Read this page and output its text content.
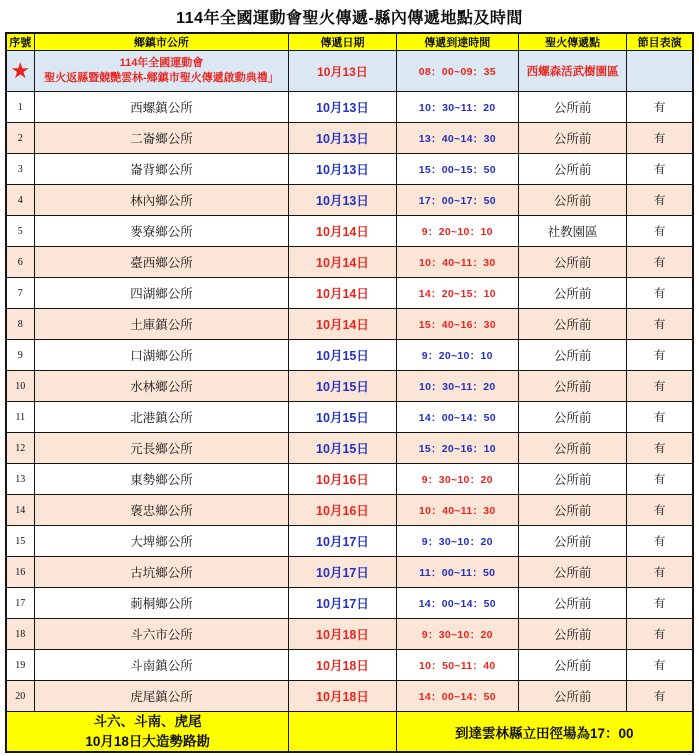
114年全國運動會聖火傳遞-縣內傳遞地點及時間
序號	鄉鎮市公所	傳遞日期	傳遞到達時間	聖火傳遞點	節目表演
★	114年全國運動會
聖火返縣暨競艷雲林-鄉鎮市聖火傳遞啟動典禮」	10月13日	08：00~09：35	西螺森活武樹園區	
1	西螺鎮公所	10月13日	10：30~11：20	公所前	有
2	二崙鄉公所	10月13日	13：40~14：30	公所前	有
3	崙背鄉公所	10月13日	15：00~15：50	公所前	有
4	林內鄉公所	10月13日	17：00~17：50	公所前	有
5	麥寮鄉公所	10月14日	9：20~10：10	社教園區	有
6	臺西鄉公所	10月14日	10：40~11：30	公所前	有
7	四湖鄉公所	10月14日	14：20~15：10	公所前	有
8	土庫鎮公所	10月14日	15：40~16：30	公所前	有
9	口湖鄉公所	10月15日	9：20~10：10	公所前	有
10	水林鄉公所	10月15日	10：30~11：20	公所前	有
11	北港鎮公所	10月15日	14：00~14：50	公所前	有
12	元長鄉公所	10月15日	15：20~16：10	公所前	有
13	東勢鄉公所	10月16日	9：30~10：20	公所前	有
14	褒忠鄉公所	10月16日	10：40~11：30	公所前	有
15	大埤鄉公所	10月17日	9：30~10：20	公所前	有
16	古坑鄉公所	10月17日	11：00~11：50	公所前	有
17	莿桐鄉公所	10月17日	14：00~14：50	公所前	有
18	斗六市公所	10月18日	9：30~10：20	公所前	有
19	斗南鎮公所	10月18日	10：50~11：40	公所前	有
20	虎尾鎮公所	10月18日	14：00~14：50	公所前	有

斗六、斗南、虎尾
10月18日大造勢路勘			到達雲林縣立田徑場為17：00		
